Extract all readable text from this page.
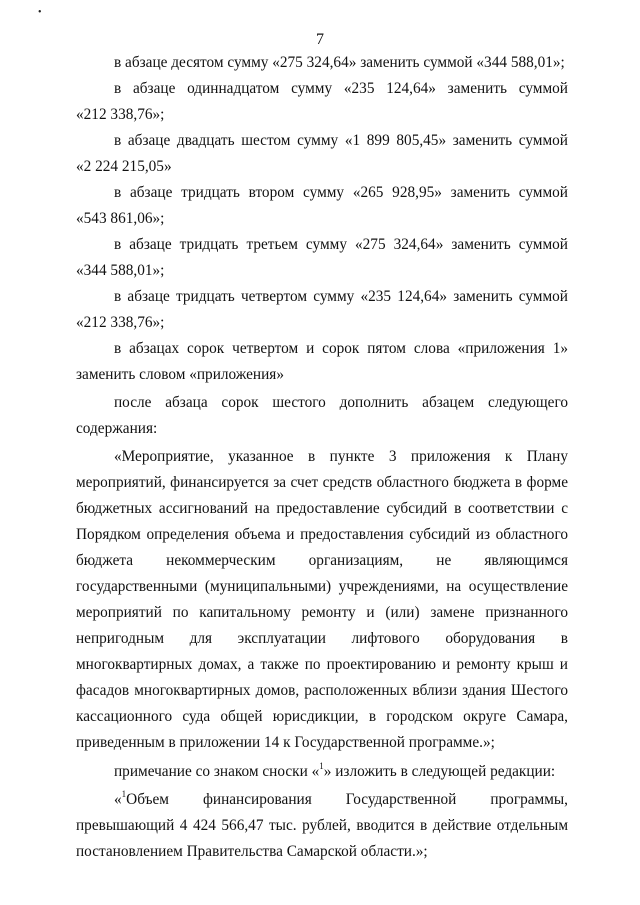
•
7
в абзаце десятом сумму «275 324,64» заменить суммой «344 588,01»;
в абзаце одиннадцатом сумму «235 124,64» заменить суммой
«212 338,76»;
в абзаце двадцать шестом сумму «1 899 805,45» заменить суммой
«2 224 215,05»
в абзаце тридцать втором сумму «265 928,95» заменить суммой
«543 861,06»;
в абзаце тридцать третьем сумму «275 324,64» заменить суммой
«344 588,01»;
в абзаце тридцать четвертом сумму «235 124,64» заменить суммой
«212 338,76»;
в абзацах сорок четвертом и сорок пятом слова «приложения 1»
заменить словом «приложения»
после абзаца сорок шестого дополнить абзацем следующего
содержания:
«Мероприятие, указанное в пункте 3 приложения к Плану
мероприятий, финансируется за счет средств областного бюджета в форме
бюджетных ассигнований на предоставление субсидий в соответствии с
Порядком определения объема и предоставления субсидий из областного
бюджета некоммерческим организациям, не являющимся
государственными (муниципальными) учреждениями, на осуществление
мероприятий по капитальному ремонту и (или) замене признанного
непригодным для эксплуатации лифтового оборудования в
многоквартирных домах, а также по проектированию и ремонту крыш и
фасадов многоквартирных домов, расположенных вблизи здания Шестого
кассационного суда общей юрисдикции, в городском округе Самара,
приведенным в приложении 14 к Государственной программе.»;
примечание со знаком сноски «$^1$» изложить в следующей редакции:
«$^1$Объем финансирования Государственной программы,
превышающий 4 424 566,47 тыс. рублей, вводится в действие отдельным
постановлением Правительства Самарской области.»;
